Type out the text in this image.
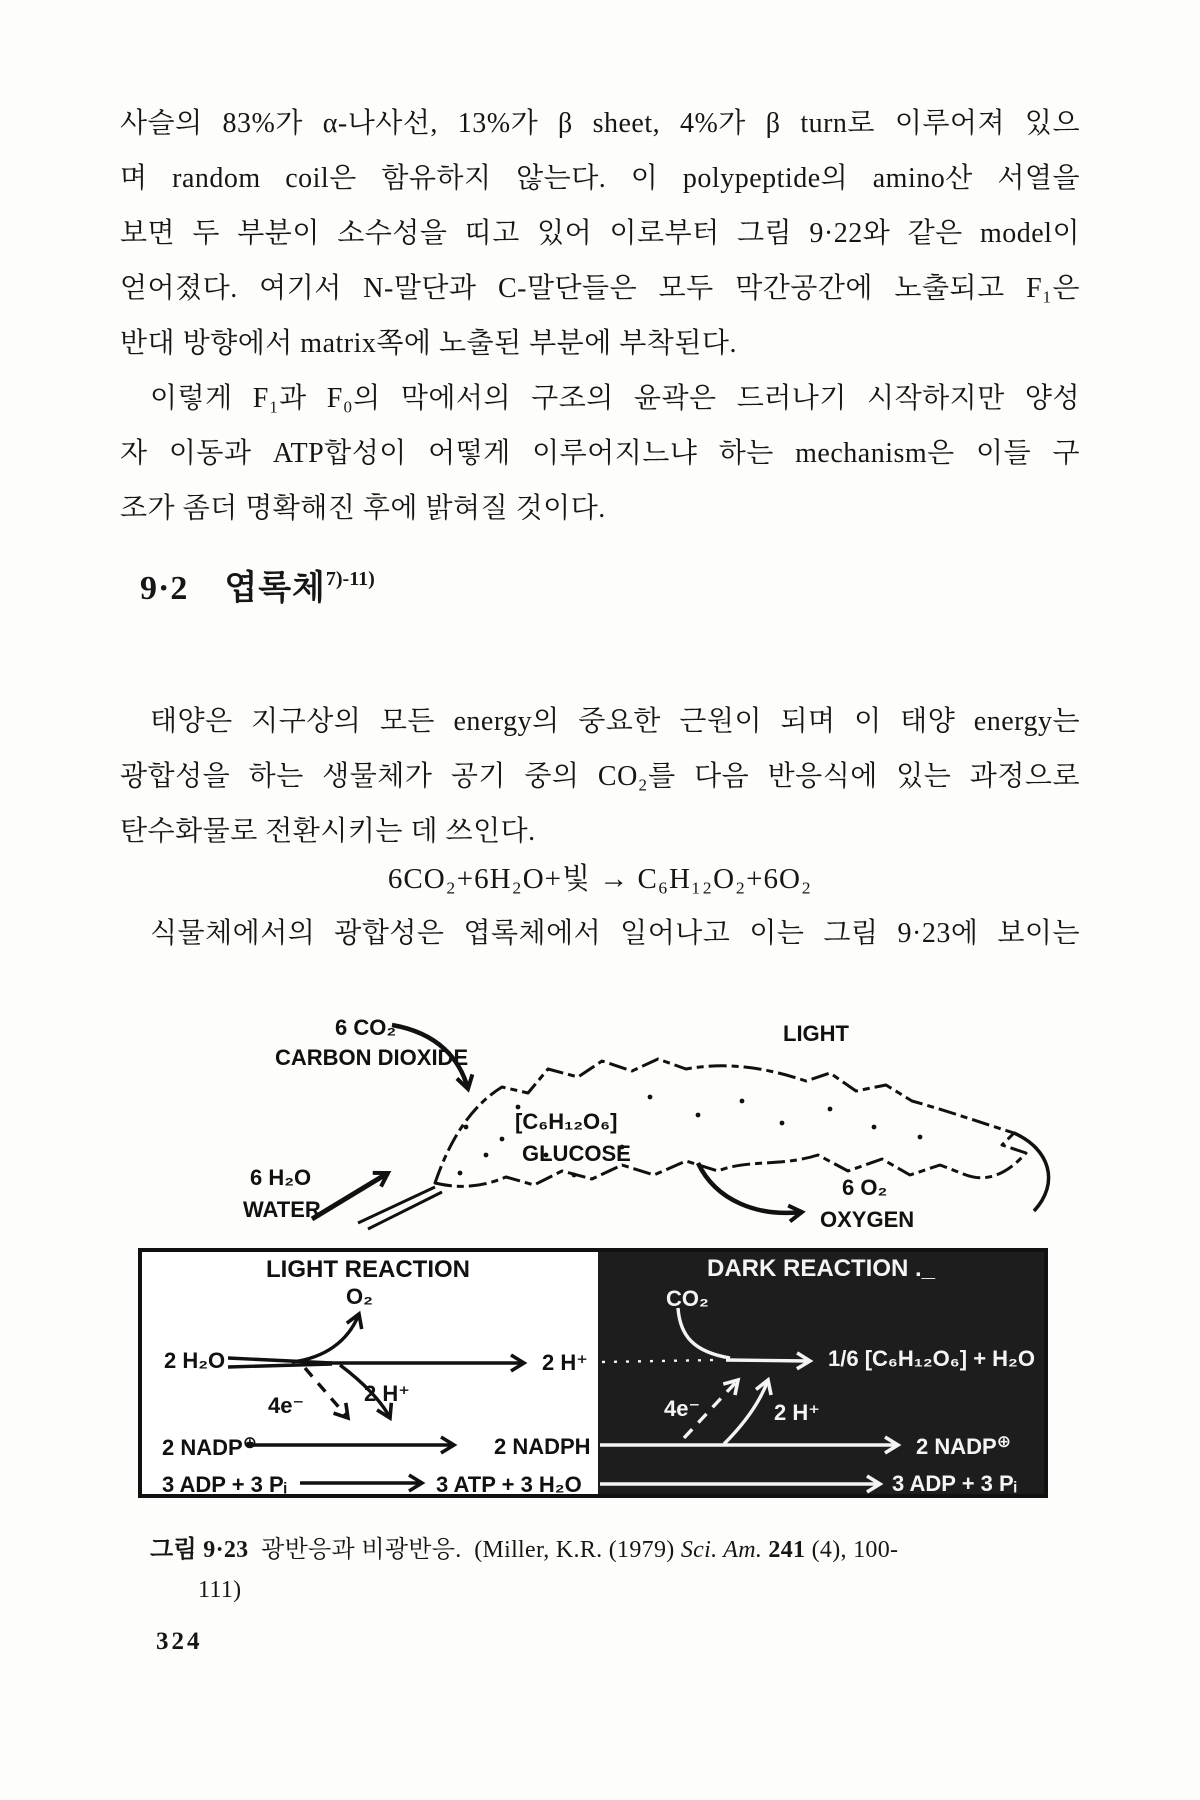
사슬의 83%가 α-나사선, 13%가 β sheet, 4%가 β turn로 이루어져 있으
며 random coil은 함유하지 않는다. 이 polypeptide의 amino산 서열을
보면 두 부분이 소수성을 띠고 있어 이로부터 그림 9·22와 같은 model이
얻어졌다. 여기서 N-말단과 C-말단들은 모두 막간공간에 노출되고 F₁은
반대 방향에서 matrix쪽에 노출된 부분에 부착된다.
이렇게 F₁과 F₀의 막에서의 구조의 윤곽은 드러나기 시작하지만 양성
자 이동과 ATP합성이 어떻게 이루어지느냐 하는 mechanism은 이들 구
조가 좀더 명확해진 후에 밝혀질 것이다.
9·2 엽록체$^{7)-11)}$
태양은 지구상의 모든 energy의 중요한 근원이 되며 이 태양 energy는
광합성을 하는 생물체가 공기 중의 CO₂를 다음 반응식에 있는 과정으로
탄수화물로 전환시키는 데 쓰인다.
6CO₂+6H₂O+빛 → C₆H₁₂O₂+6O₂
식물체에서의 광합성은 엽록체에서 일어나고 이는 그림 9·23에 보이는
6 CO₂
CARBON DIOXIDE
LIGHT
[C₆H₁₂O₆]
GLUCOSE
6 H₂O
WATER
6 O₂
OXYGEN
LIGHT REACTION
O₂
2 H₂O	2 H⁺
4e⁻	2 H⁺
2 NADP⊕	2 NADPH
3 ADP + 3 Pᵢ	3 ATP + 3 H₂O
DARK REACTION ._
CO₂
1/6 [C₆H₁₂O₆] + H₂O
4e⁻	2 H⁺
2 NADP⊕
3 ADP + 3 Pᵢ
그림 9·23 광반응과 비광반응. (Miller, K.R. (1979) Sci. Am. 241 (4), 100-
111)
324
